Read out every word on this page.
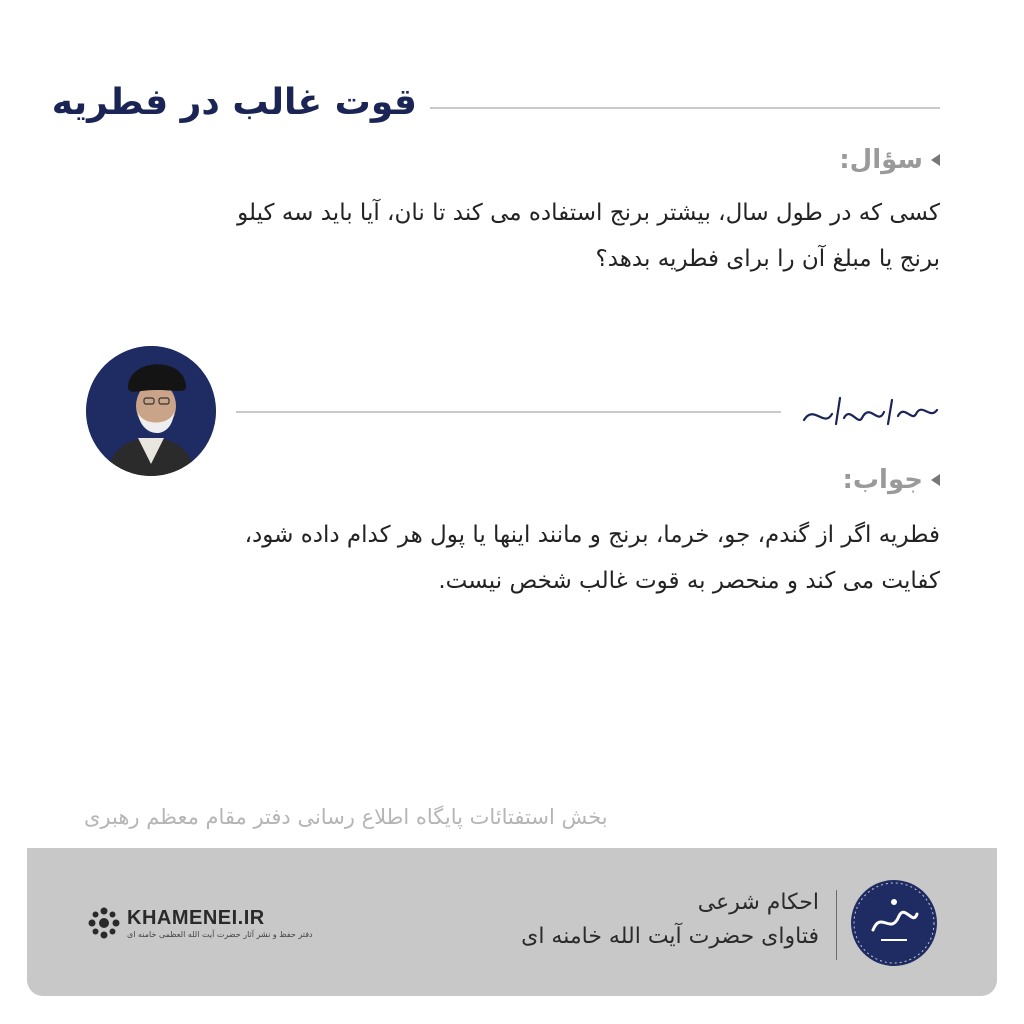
قوت غالب در فطریه
سؤال:
کسی که در طول سال، بیشتر برنج استفاده می کند تا نان، آیا باید سه کیلو
برنج یا مبلغ آن را برای فطریه بدهد؟
جواب:
فطریه اگر از گندم، جو، خرما، برنج و مانند اینها یا پول هر کدام داده شود،
کفایت می کند و منحصر به قوت غالب شخص نیست.
بخش استفتائات پایگاه اطلاع رسانی دفتر مقام معظم رهبری
احکام شرعی
فتاوای حضرت آیت الله خامنه ای
KHAMENEI.IR
دفتر حفظ و نشر آثار حضرت آیت الله العظمی خامنه ای
